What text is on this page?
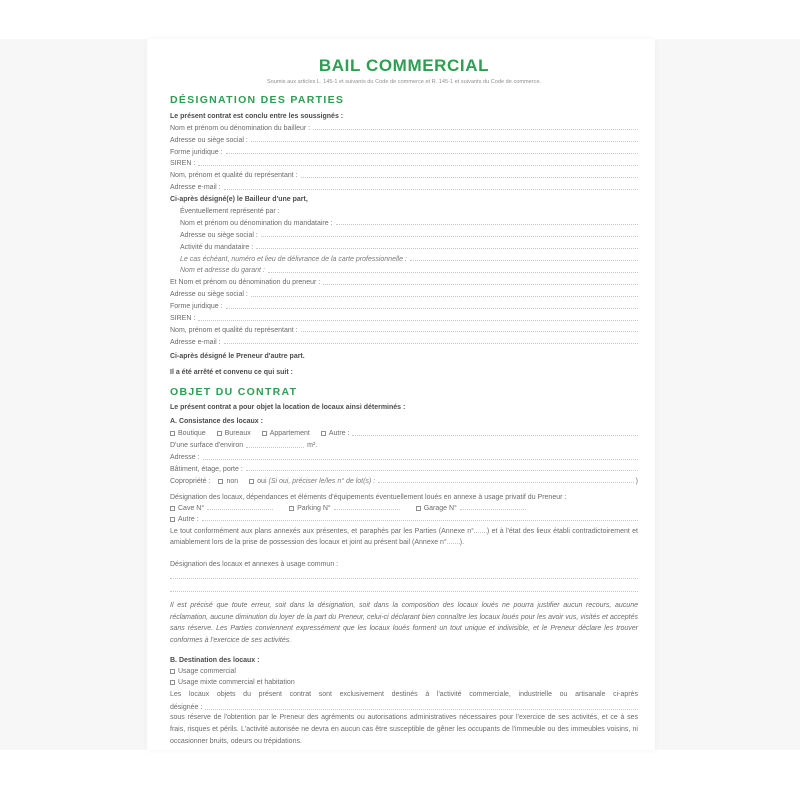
BAIL COMMERCIAL
Soumis aux articles L. 145-1 et suivants du Code de commerce et R. 145-1 et suivants du Code de commerce.
DÉSIGNATION DES PARTIES
Le présent contrat est conclu entre les soussignés :
Nom et prénom ou dénomination du bailleur :
Adresse ou siège social :
Forme juridique :
SIREN :
Nom, prénom et qualité du représentant :
Adresse e-mail :
Ci-après désigné(e) le Bailleur d'une part,
Éventuellement représenté par :
Nom et prénom ou dénomination du mandataire :
Adresse ou siège social :
Activité du mandataire :
Le cas échéant, numéro et lieu de délivrance de la carte professionnelle :
Nom et adresse du garant :
Et Nom et prénom ou dénomination du preneur :
Adresse ou siège social :
Forme juridique :
SIREN :
Nom, prénom et qualité du représentant :
Adresse e-mail :
Ci-après désigné le Preneur d'autre part.
Il a été arrêté et convenu ce qui suit :
OBJET DU CONTRAT
Le présent contrat a pour objet la location de locaux ainsi déterminés :
A. Consistance des locaux :
Boutique	Bureaux	Appartement	Autre :
D'une surface d'environ	m².
Adresse :
Bâtiment, étage, porte :
Copropriété : non	oui (Si oui, préciser le/les n° de lot(s) :	)
Désignation des locaux, dépendances et éléments d'équipements éventuellement loués en annexe à usage privatif du Preneur :
Cave N°	Parking N°	Garage N°
Autre :

Le tout conformément aux plans annexés aux présentes, et paraphés par les Parties (Annexe n° ) et à l'état des lieux établi contradictoirement et amiablement lors de la prise de possession des locaux et joint au présent bail (Annexe n° ).

Désignation des locaux et annexes à usage commun :

Il est précisé que toute erreur, soit dans la désignation, soit dans la composition des locaux loués ne pourra justifier aucun recours, aucune réclamation, aucune diminution du loyer de la part du Preneur, celui-ci déclarant bien connaître les locaux loués pour les avoir vus, visités et acceptés sans réserve. Les Parties conviennent expressément que les locaux loués forment un tout unique et indivisible, et le Preneur déclare les trouver conformes à l'exercice de ses activités.

B. Destination des locaux :
Usage commercial
Usage mixte commercial et habitation

Les locaux objets du présent contrat sont exclusivement destinés à l'activité commerciale, industrielle ou artisanale ci-après

désignée :

sous réserve de l'obtention par le Preneur des agréments ou autorisations administratives nécessaires pour l'exercice de ses activités, et ce à ses frais, risques et périls. L'activité autorisée ne devra en aucun cas être susceptible de gêner les occupants de l'immeuble ou des immeubles voisins, ni occasionner bruits, odeurs ou trépidations.
